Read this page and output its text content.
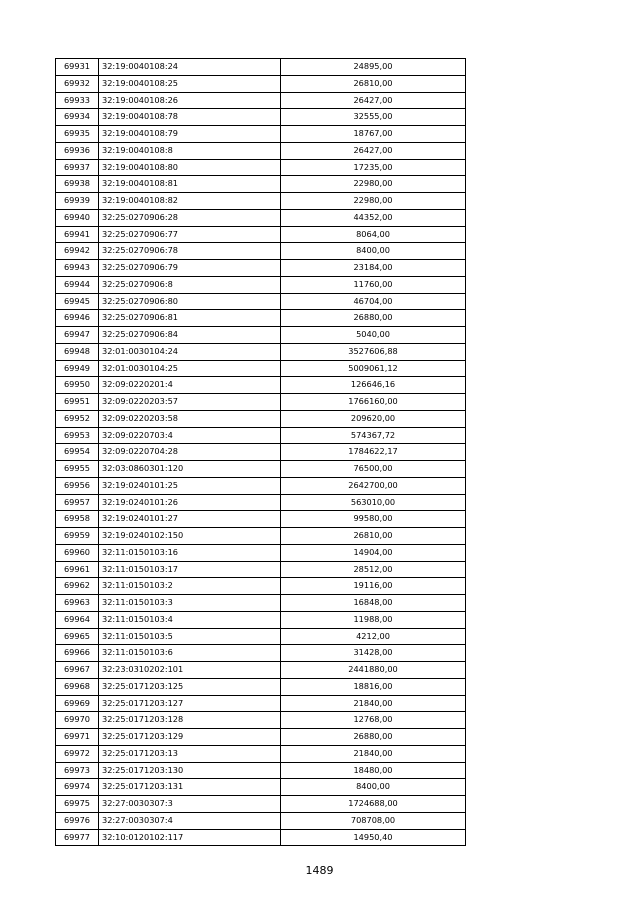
69931	32:19:0040108:24	24895,00
69932	32:19:0040108:25	26810,00
69933	32:19:0040108:26	26427,00
69934	32:19:0040108:78	32555,00
69935	32:19:0040108:79	18767,00
69936	32:19:0040108:8	26427,00
69937	32:19:0040108:80	17235,00
69938	32:19:0040108:81	22980,00
69939	32:19:0040108:82	22980,00
69940	32:25:0270906:28	44352,00
69941	32:25:0270906:77	8064,00
69942	32:25:0270906:78	8400,00
69943	32:25:0270906:79	23184,00
69944	32:25:0270906:8	11760,00
69945	32:25:0270906:80	46704,00
69946	32:25:0270906:81	26880,00
69947	32:25:0270906:84	5040,00
69948	32:01:0030104:24	3527606,88
69949	32:01:0030104:25	5009061,12
69950	32:09:0220201:4	126646,16
69951	32:09:0220203:57	1766160,00
69952	32:09:0220203:58	209620,00
69953	32:09:0220703:4	574367,72
69954	32:09:0220704:28	1784622,17
69955	32:03:0860301:120	76500,00
69956	32:19:0240101:25	2642700,00
69957	32:19:0240101:26	563010,00
69958	32:19:0240101:27	99580,00
69959	32:19:0240102:150	26810,00
69960	32:11:0150103:16	14904,00
69961	32:11:0150103:17	28512,00
69962	32:11:0150103:2	19116,00
69963	32:11:0150103:3	16848,00
69964	32:11:0150103:4	11988,00
69965	32:11:0150103:5	4212,00
69966	32:11:0150103:6	31428,00
69967	32:23:0310202:101	2441880,00
69968	32:25:0171203:125	18816,00
69969	32:25:0171203:127	21840,00
69970	32:25:0171203:128	12768,00
69971	32:25:0171203:129	26880,00
69972	32:25:0171203:13	21840,00
69973	32:25:0171203:130	18480,00
69974	32:25:0171203:131	8400,00
69975	32:27:0030307:3	1724688,00
69976	32:27:0030307:4	708708,00
69977	32:10:0120102:117	14950,40
1489
